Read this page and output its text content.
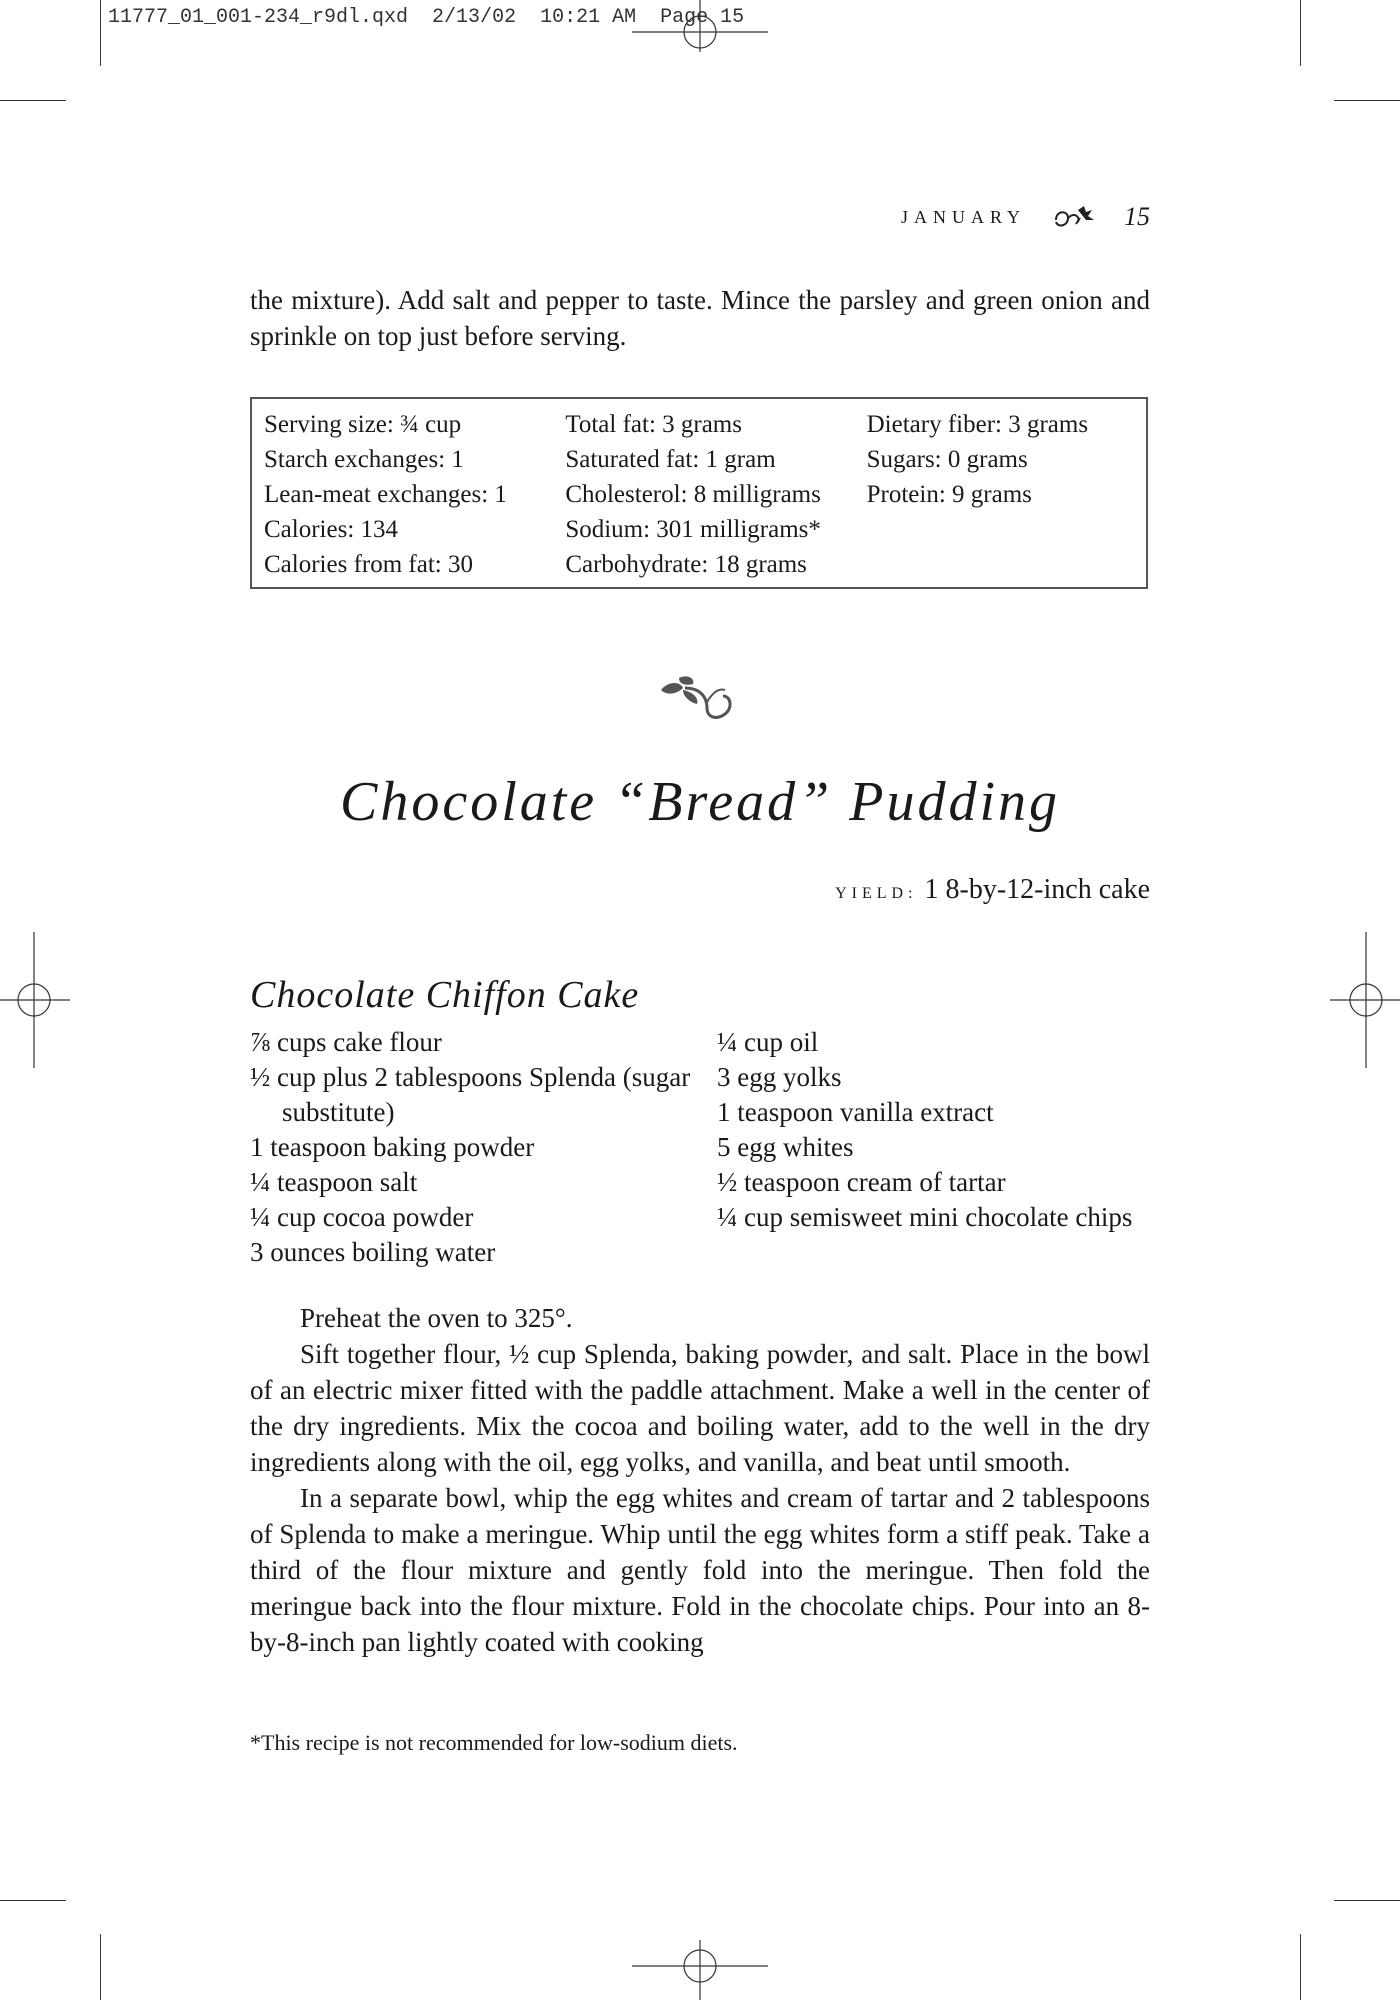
11777_01_001-234_r9dl.qxd  2/13/02  10:21 AM  Page 15
JANUARY	15

the mixture). Add salt and pepper to taste. Mince the parsley and green onion and sprinkle on top just before serving.

Serving size: ¾ cup
Starch exchanges: 1
Lean-meat exchanges: 1
Calories: 134
Calories from fat: 30
Total fat: 3 grams
Saturated fat: 1 gram
Cholesterol: 8 milligrams
Sodium: 301 milligrams*
Carbohydrate: 18 grams
Dietary fiber: 3 grams
Sugars: 0 grams
Protein: 9 grams
Chocolate “Bread” Pudding
YIELD: 1 8-by-12-inch cake
Chocolate Chiffon Cake
⅞ cups cake flour
½ cup plus 2 tablespoons Splenda (sugar substitute)
1 teaspoon baking powder
¼ teaspoon salt
¼ cup cocoa powder
3 ounces boiling water
¼ cup oil
3 egg yolks
1 teaspoon vanilla extract
5 egg whites
½ teaspoon cream of tartar
¼ cup semisweet mini chocolate chips

Preheat the oven to 325°.

Sift together flour, ½ cup Splenda, baking powder, and salt. Place in the bowl of an electric mixer fitted with the paddle attachment. Make a well in the center of the dry ingredients. Mix the cocoa and boiling water, add to the well in the dry ingredients along with the oil, egg yolks, and vanilla, and beat until smooth.

In a separate bowl, whip the egg whites and cream of tartar and 2 tablespoons of Splenda to make a meringue. Whip until the egg whites form a stiff peak. Take a third of the flour mixture and gently fold into the meringue. Then fold the meringue back into the flour mixture. Fold in the chocolate chips. Pour into an 8-by-8-inch pan lightly coated with cooking

*This recipe is not recommended for low-sodium diets.
